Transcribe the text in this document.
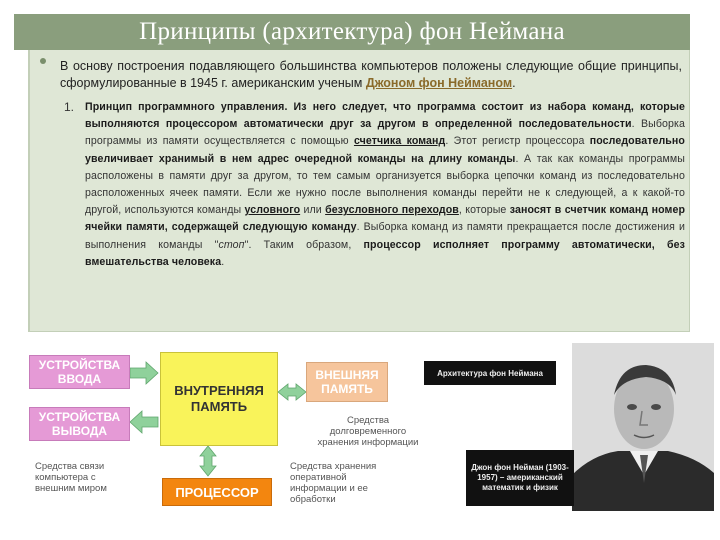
Принципы (архитектура) фон Неймана
В основу построения подавляющего большинства компьютеров положены следующие общие принципы, сформулированные в 1945 г. американским ученым Джоном фон Нейманом.
1. Принцип программного управления. Из него следует, что программа состоит из набора команд, которые выполняются процессором автоматически друг за другом в определенной последовательности. Выборка программы из памяти осуществляется с помощью счетчика команд. Этот регистр процессора последовательно увеличивает хранимый в нем адрес очередной команды на длину команды. А так как команды программы расположены в памяти друг за другом, то тем самым организуется выборка цепочки команд из последовательно расположенных ячеек памяти. Если же нужно после выполнения команды перейти не к следующей, а к какой-то другой, используются команды условного или безусловного переходов, которые заносят в счетчик команд номер ячейки памяти, содержащей следующую команду. Выборка команд из памяти прекращается после достижения и выполнения команды "стоп". Таким образом, процессор исполняет программу автоматически, без вмешательства человека.
УСТРОЙСТВА ВВОДА
УСТРОЙСТВА ВЫВОДА
ВНУТРЕННЯЯ ПАМЯТЬ
ВНЕШНЯЯ ПАМЯТЬ
ПРОЦЕССОР
Средства долговременного хранения информации
Средства связи компьютера с внешним миром
Средства хранения оперативной информации и ее обработки
Архитектура фон Неймана
Джон фон Нейман (1903-1957) – американский математик и физик
